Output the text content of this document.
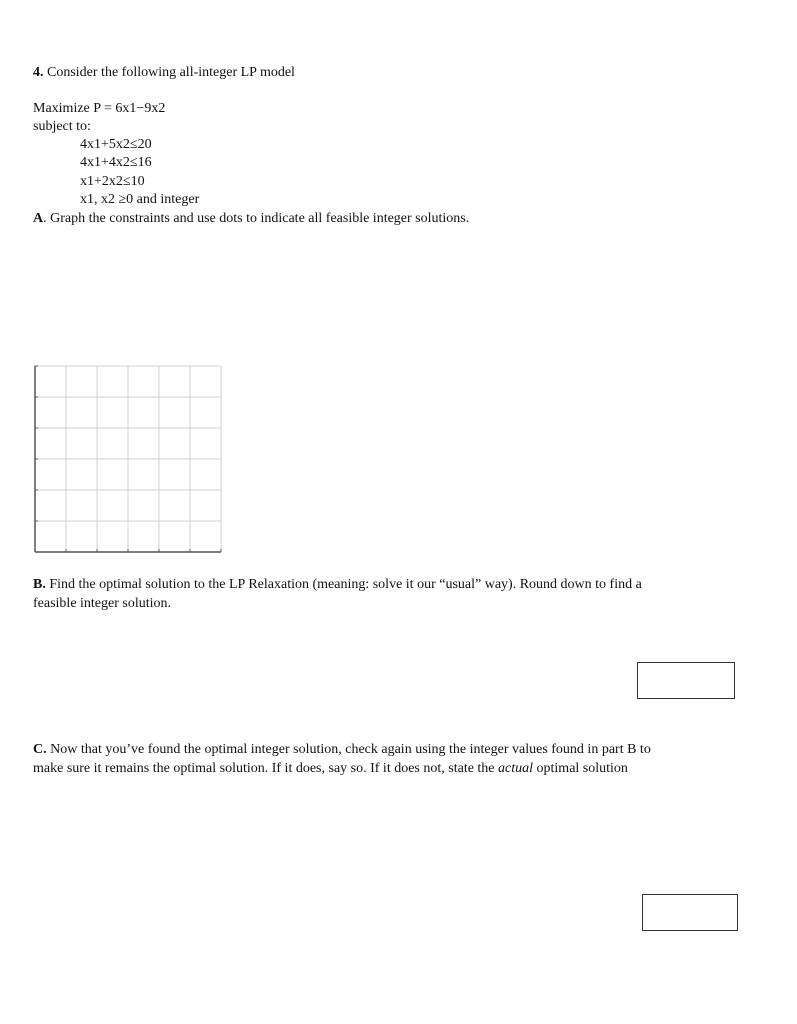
4. Consider the following all-integer LP model
Maximize P = 6x1−9x2
subject to:
4x1+5x2≤20
4x1+4x2≤16
x1+2x2≤10
x1, x2 ≥0 and integer
A. Graph the constraints and use dots to indicate all feasible integer solutions.
B. Find the optimal solution to the LP Relaxation (meaning: solve it our “usual” way). Round down to find a
feasible integer solution.
C. Now that you’ve found the optimal integer solution, check again using the integer values found in part B to
make sure it remains the optimal solution. If it does, say so. If it does not, state the actual optimal solution
